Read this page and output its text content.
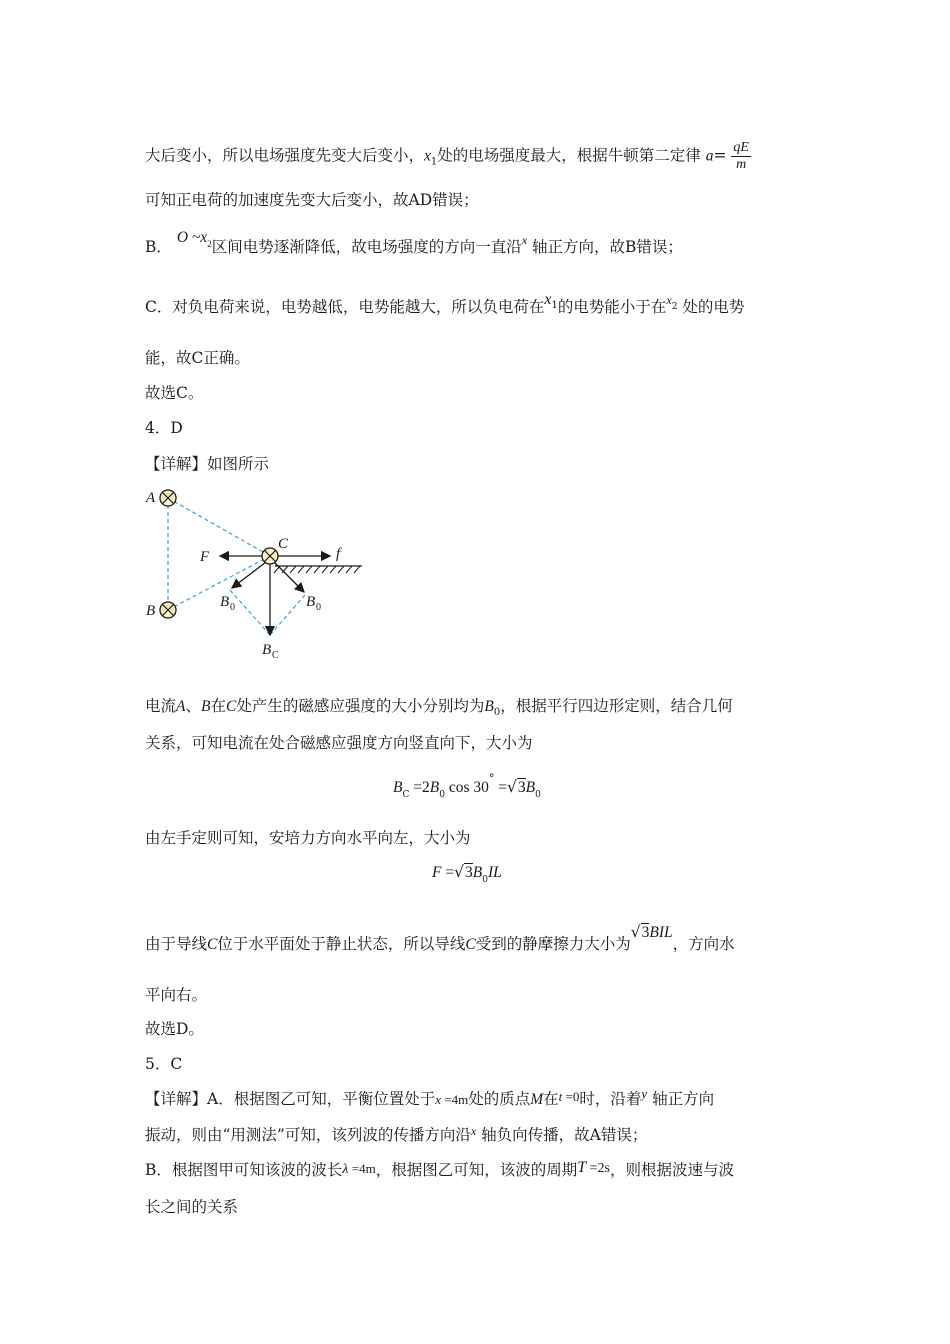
大后变小，所以电场强度先变大后变小，$x_1$处的电场强度最大，根据牛顿第二定律 $a= \frac{qE}{m}$
可知正电荷的加速度先变大后变小，故AD错误；
B． O $\sim x_2$区间电势逐渐降低，故电场强度的方向一直沿$^x$ 轴正方向，故B错误；
C．对负电荷来说，电势越低，电势能越大，所以负电荷在$x^1$的电势能小于在$^x$2 处的电势
能，故C正确。
故选C。
4．D
【详解】如图所示
A
B
C
F	f
B 0	B 0
B C
电流A、B在C处产生的磁感应强度的大小分别均为$B_0$，根据平行四边形定则，结合几何
关系，可知电流在处合磁感应强度方向竖直向下，大小为
$B_C =2B_0$ $\cos 30^\circ =√3B_0$
由左手定则可知，安培力方向水平向左，大小为
$F =√3B_0IL$
由于导线C位于水平面处于静止状态，所以导线C受到的静摩擦力大小为√3BIL，方向水
平向右。
故选D。
5．C
【详解】A．根据图乙可知，平衡位置处于x =4m处的质点M在t =0时，沿着$^y$ 轴正方向
振动，则由“用测法”可知，该列波的传播方向沿$^x$ 轴负向传播，故A错误；
B．根据图甲可知该波的波长λ =4m，根据图乙可知，该波的周期T =2s，则根据波速与波
长之间的关系
